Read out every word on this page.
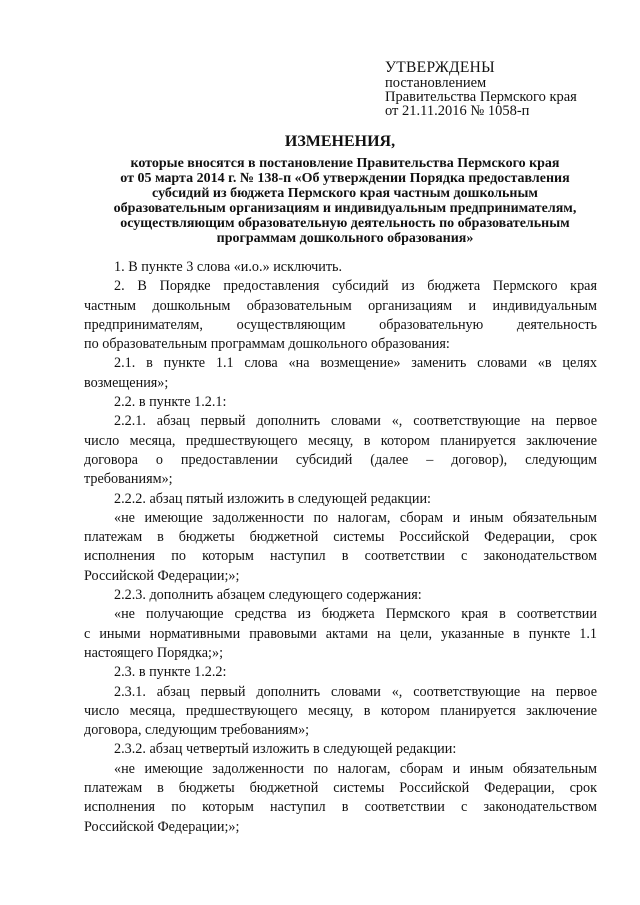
УТВЕРЖДЕНЫ
постановлением
Правительства Пермского края
от 21.11.2016 № 1058-п
ИЗМЕНЕНИЯ,
которые вносятся в постановление Правительства Пермского края
от 05 марта 2014 г. № 138-п «Об утверждении Порядка предоставления
субсидий из бюджета Пермского края частным дошкольным
образовательным организациям и индивидуальным предпринимателям,
осуществляющим образовательную деятельность по образовательным
программам дошкольного образования»
1. В пункте 3 слова «и.о.» исключить.
2. В Порядке предоставления субсидий из бюджета Пермского края
частным дошкольным образовательным организациям и индивидуальным
предпринимателям, осуществляющим образовательную деятельность
по образовательным программам дошкольного образования:
2.1. в пункте 1.1 слова «на возмещение» заменить словами «в целях
возмещения»;
2.2. в пункте 1.2.1:
2.2.1. абзац первый дополнить словами «, соответствующие на первое
число месяца, предшествующего месяцу, в котором планируется заключение
договора о предоставлении субсидий (далее – договор), следующим
требованиям»;
2.2.2. абзац пятый изложить в следующей редакции:
«не имеющие задолженности по налогам, сборам и иным обязательным
платежам в бюджеты бюджетной системы Российской Федерации, срок
исполнения по которым наступил в соответствии с законодательством
Российской Федерации;»;
2.2.3. дополнить абзацем следующего содержания:
«не получающие средства из бюджета Пермского края в соответствии
с иными нормативными правовыми актами на цели, указанные в пункте 1.1
настоящего Порядка;»;
2.3. в пункте 1.2.2:
2.3.1. абзац первый дополнить словами «, соответствующие на первое
число месяца, предшествующего месяцу, в котором планируется заключение
договора, следующим требованиям»;
2.3.2. абзац четвертый изложить в следующей редакции:
«не имеющие задолженности по налогам, сборам и иным обязательным
платежам в бюджеты бюджетной системы Российской Федерации, срок
исполнения по которым наступил в соответствии с законодательством
Российской Федерации;»;
